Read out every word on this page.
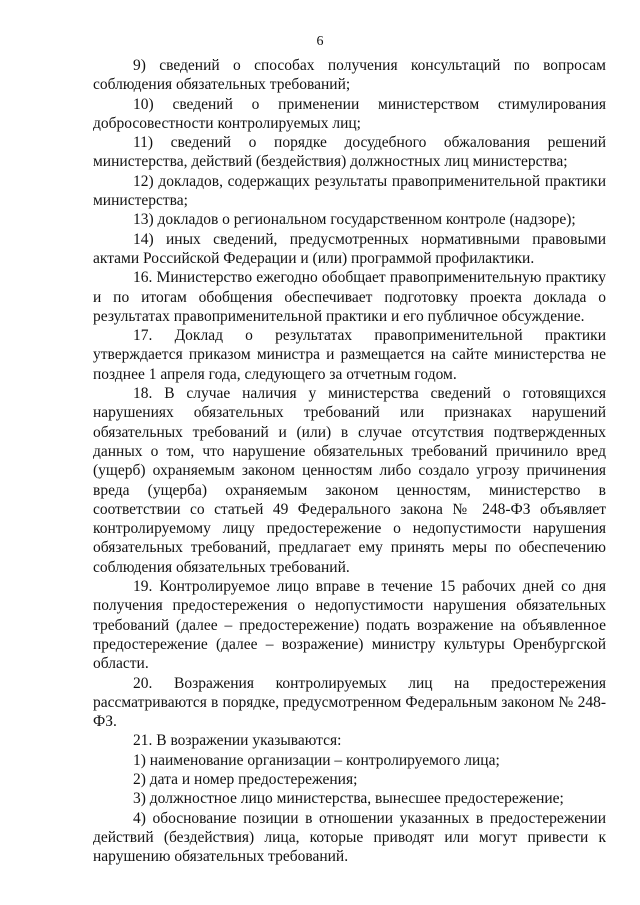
6

9) сведений о способах получения консультаций по вопросам соблюдения обязательных требований;

10) сведений о применении министерством стимулирования добросовестности контролируемых лиц;

11) сведений о порядке досудебного обжалования решений министерства, действий (бездействия) должностных лиц министерства;

12) докладов, содержащих результаты правоприменительной практики министерства;

13) докладов о региональном государственном контроле (надзоре);

14) иных сведений, предусмотренных нормативными правовыми актами Российской Федерации и (или) программой профилактики.

16. Министерство ежегодно обобщает правоприменительную практику и по итогам обобщения обеспечивает подготовку проекта доклада о результатах правоприменительной практики и его публичное обсуждение.

17. Доклад о результатах правоприменительной практики утверждается приказом министра и размещается на сайте министерства не позднее 1 апреля года, следующего за отчетным годом.

18. В случае наличия у министерства сведений о готовящихся нарушениях обязательных требований или признаках нарушений обязательных требований и (или) в случае отсутствия подтвержденных данных о том, что нарушение обязательных требований причинило вред (ущерб) охраняемым законом ценностям либо создало угрозу причинения вреда (ущерба) охраняемым законом ценностям, министерство в соответствии со статьей 49 Федерального закона № 248-ФЗ объявляет контролируемому лицу предостережение о недопустимости нарушения обязательных требований, предлагает ему принять меры по обеспечению соблюдения обязательных требований.

19. Контролируемое лицо вправе в течение 15 рабочих дней со дня получения предостережения о недопустимости нарушения обязательных требований (далее – предостережение) подать возражение на объявленное предостережение (далее – возражение) министру культуры Оренбургской области.

20. Возражения контролируемых лиц на предостережения рассматриваются в порядке, предусмотренном Федеральным законом № 248-ФЗ.

21. В возражении указываются:

1) наименование организации – контролируемого лица;

2) дата и номер предостережения;

3) должностное лицо министерства, вынесшее предостережение;

4) обоснование позиции в отношении указанных в предостережении действий (бездействия) лица, которые приводят или могут привести к нарушению обязательных требований.
